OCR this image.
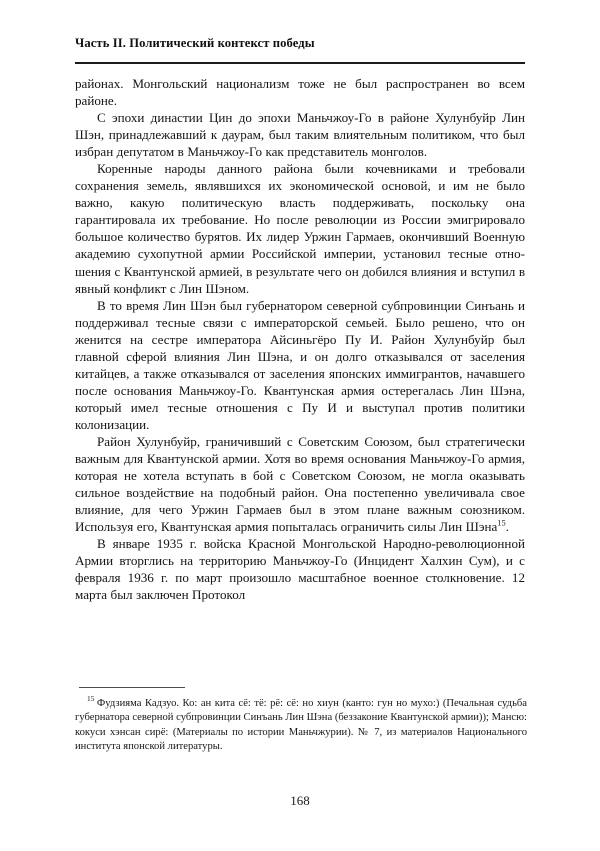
Часть II. Политический контекст победы

районах. Монгольский национализм тоже не был распространен во всем районе.

С эпохи династии Цин до эпохи Маньчжоу-Го в районе Хулунбуйр Лин Шэн, принадлежавший к даурам, был таким влиятельным политиком, что был избран депутатом в Маньчжоу-Го как представитель монголов.

Коренные народы данного района были кочевниками и требовали сохранения земель, являвшихся их экономической основой, и им не было важно, какую политическую власть поддерживать, поскольку она гарантировала их требование. Но после революции из России эмигрировало большое количество бурятов. Их лидер Уржин Гармаев, окончивший Военную академию сухопутной армии Российской империи, установил тесные отношения с Квантунской армией, в результате чего он добился влияния и вступил в явный конфликт с Лин Шэном.

В то время Лин Шэн был губернатором северной субпровинции Синъань и поддерживал тесные связи с императорской семьей. Было решено, что он женится на сестре императора Айсиньгёро Пу И. Район Хулунбуйр был главной сферой влияния Лин Шэна, и он долго отказывался от заселения китайцев, а также отказывался от заселения японских иммигрантов, начавшего после основания Маньчжоу-Го. Квантунская армия остерегалась Лин Шэна, который имел тесные отношения с Пу И и выступал против политики колонизации.

Район Хулунбуйр, граничивший с Советским Союзом, был стратегически важным для Квантунской армии. Хотя во время основания Маньчжоу-Го армия, которая не хотела вступать в бой с Советском Союзом, не могла оказывать сильное воздействие на подобный район. Она постепенно увеличивала свое влияние, для чего Уржин Гармаев был в этом плане важным союзником. Используя его, Квантунская армия попыталась ограничить силы Лин Шэна$^{15}$.

В январе 1935 г. войска Красной Монгольской Народно-революционной Армии вторглись на территорию Маньчжоу-Го (Инцидент Халхин Сум), и с февраля 1936 г. по март произошло масштабное военное столкновение. 12 марта был заключен Протокол

$^{15}$ Фудзияма Кадзуо. Ко: ан кита сё: тё: рё: сё: но хиун (канто: гун но мухо:) (Печальная судьба губернатора северной субпровинции Синъань Лин Шэна (беззаконие Квантунской армии)); Мансю: кокуси хэнсан сирё: (Материалы по истории Маньчжурии). № 7, из материалов Национального института японской литературы.

168
